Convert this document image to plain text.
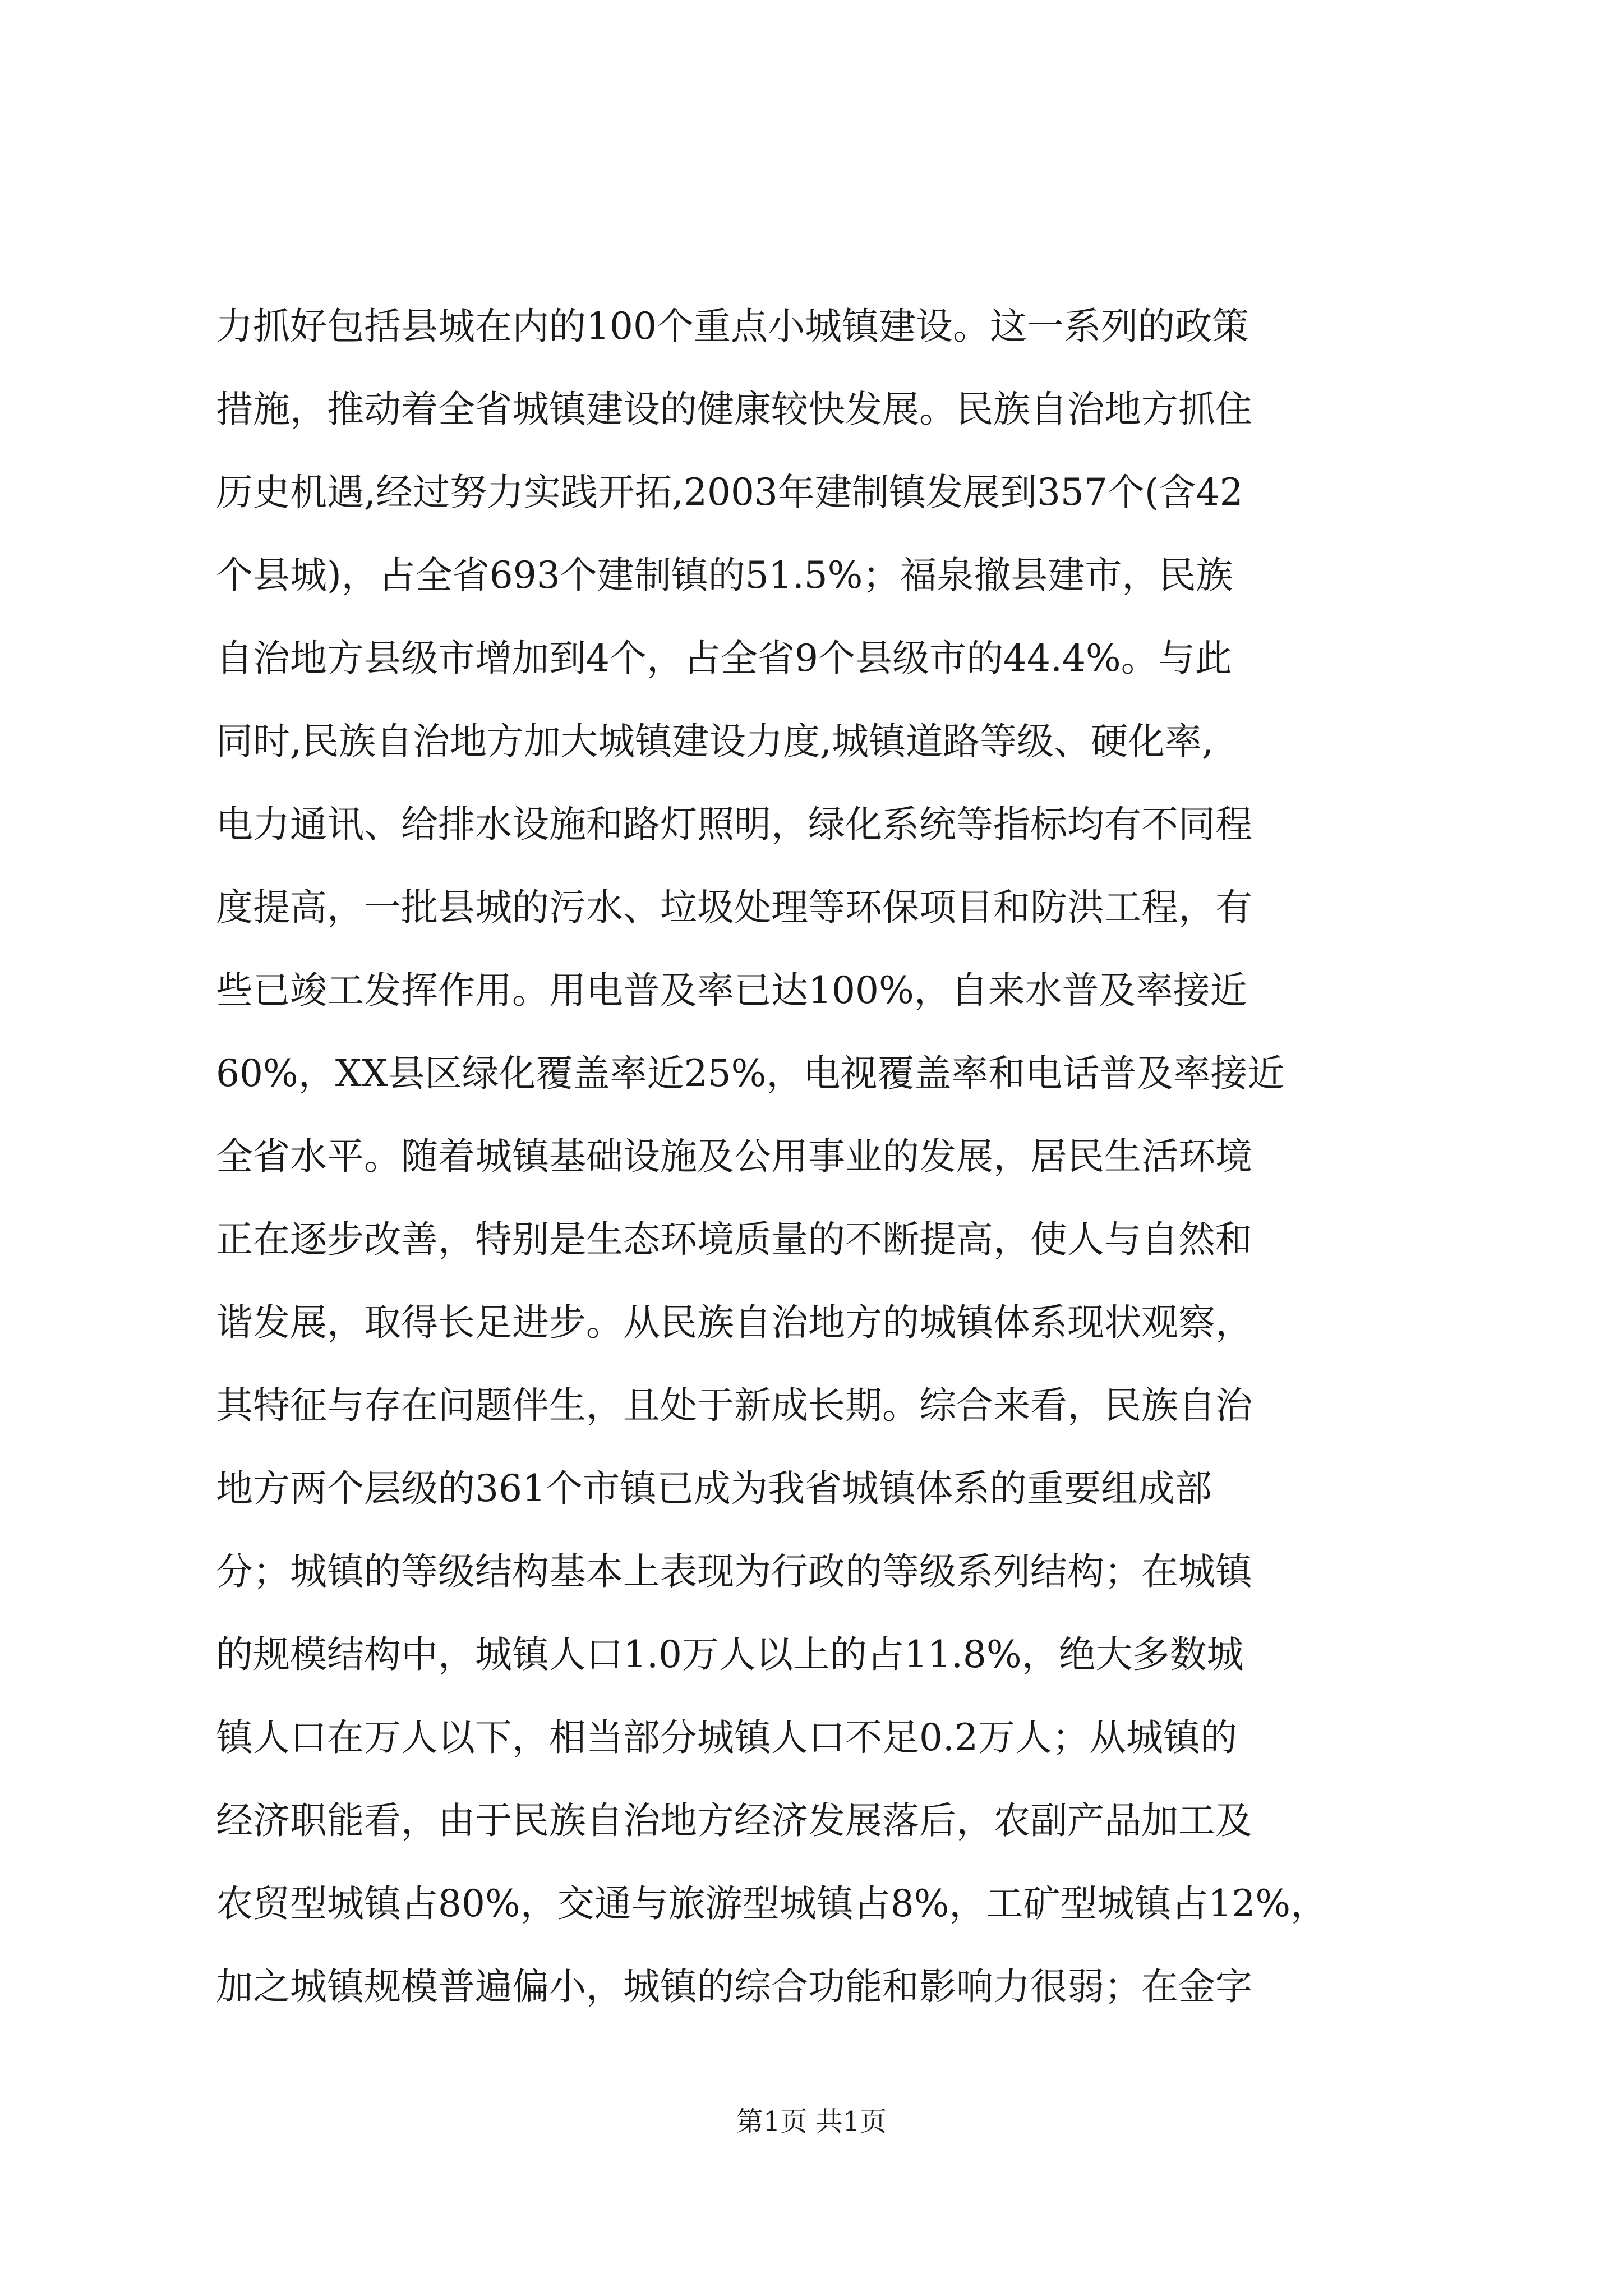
力抓好包括县城在内的100个重点小城镇建设。这一系列的政策
措施，推动着全省城镇建设的健康较快发展。民族自治地方抓住
历史机遇,经过努力实践开拓,2003年建制镇发展到357个(含42
个县城)，占全省693个建制镇的51.5%；福泉撤县建市，民族
自治地方县级市增加到4个，占全省9个县级市的44.4%。与此
同时,民族自治地方加大城镇建设力度,城镇道路等级、硬化率,
电力通讯、给排水设施和路灯照明，绿化系统等指标均有不同程
度提高，一批县城的污水、垃圾处理等环保项目和防洪工程，有
些已竣工发挥作用。用电普及率已达100%，自来水普及率接近
60%，XX县区绿化覆盖率近25%，电视覆盖率和电话普及率接近
全省水平。随着城镇基础设施及公用事业的发展，居民生活环境
正在逐步改善，特别是生态环境质量的不断提高，使人与自然和
谐发展，取得长足进步。从民族自治地方的城镇体系现状观察，
其特征与存在问题伴生，且处于新成长期。综合来看，民族自治
地方两个层级的361个市镇已成为我省城镇体系的重要组成部
分；城镇的等级结构基本上表现为行政的等级系列结构；在城镇
的规模结构中，城镇人口1.0万人以上的占11.8%，绝大多数城
镇人口在万人以下，相当部分城镇人口不足0.2万人；从城镇的
经济职能看，由于民族自治地方经济发展落后，农副产品加工及
农贸型城镇占80%，交通与旅游型城镇占8%，工矿型城镇占12%，
加之城镇规模普遍偏小，城镇的综合功能和影响力很弱；在金字
第1页 共1页
